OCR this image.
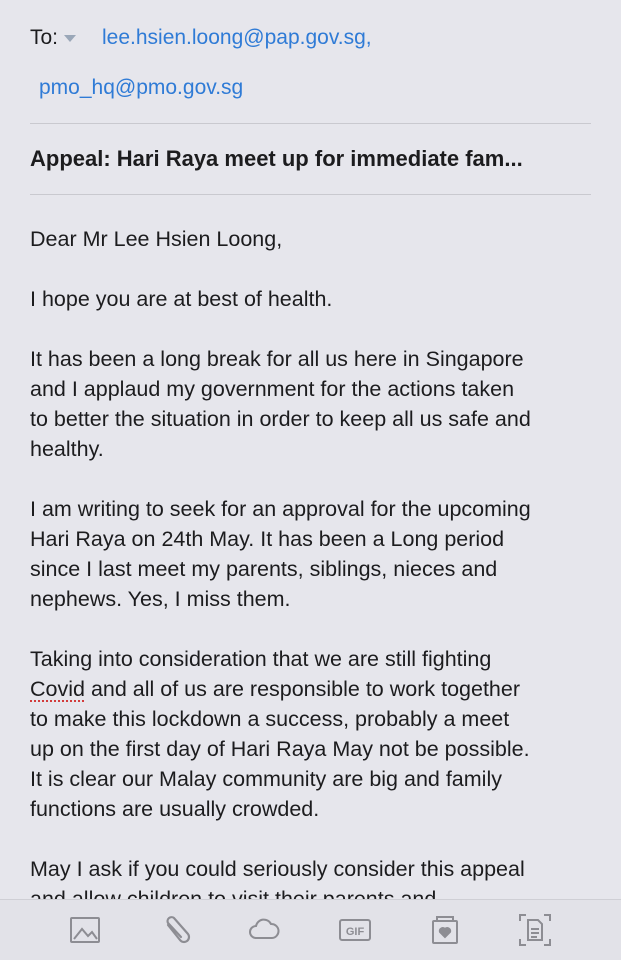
To: lee.hsien.loong@pap.gov.sg,
pmo_hq@pmo.gov.sg
Appeal: Hari Raya meet up for immediate fam...

Dear Mr Lee Hsien Loong,

I hope you are at best of health.

It has been a long break for all us here in Singapore
and I applaud my government for the actions taken
to better the situation in order to keep all us safe and
healthy.

I am writing to seek for an approval for the upcoming
Hari Raya on 24th May. It has been a Long period
since I last meet my parents, siblings, nieces and
nephews. Yes, I miss them.

Taking into consideration that we are still fighting
Covid and all of us are responsible to work together
to make this lockdown a success, probably a meet
up on the first day of Hari Raya May not be possible.
It is clear our Malay community are big and family
functions are usually crowded.

May I ask if you could seriously consider this appeal

GIF
